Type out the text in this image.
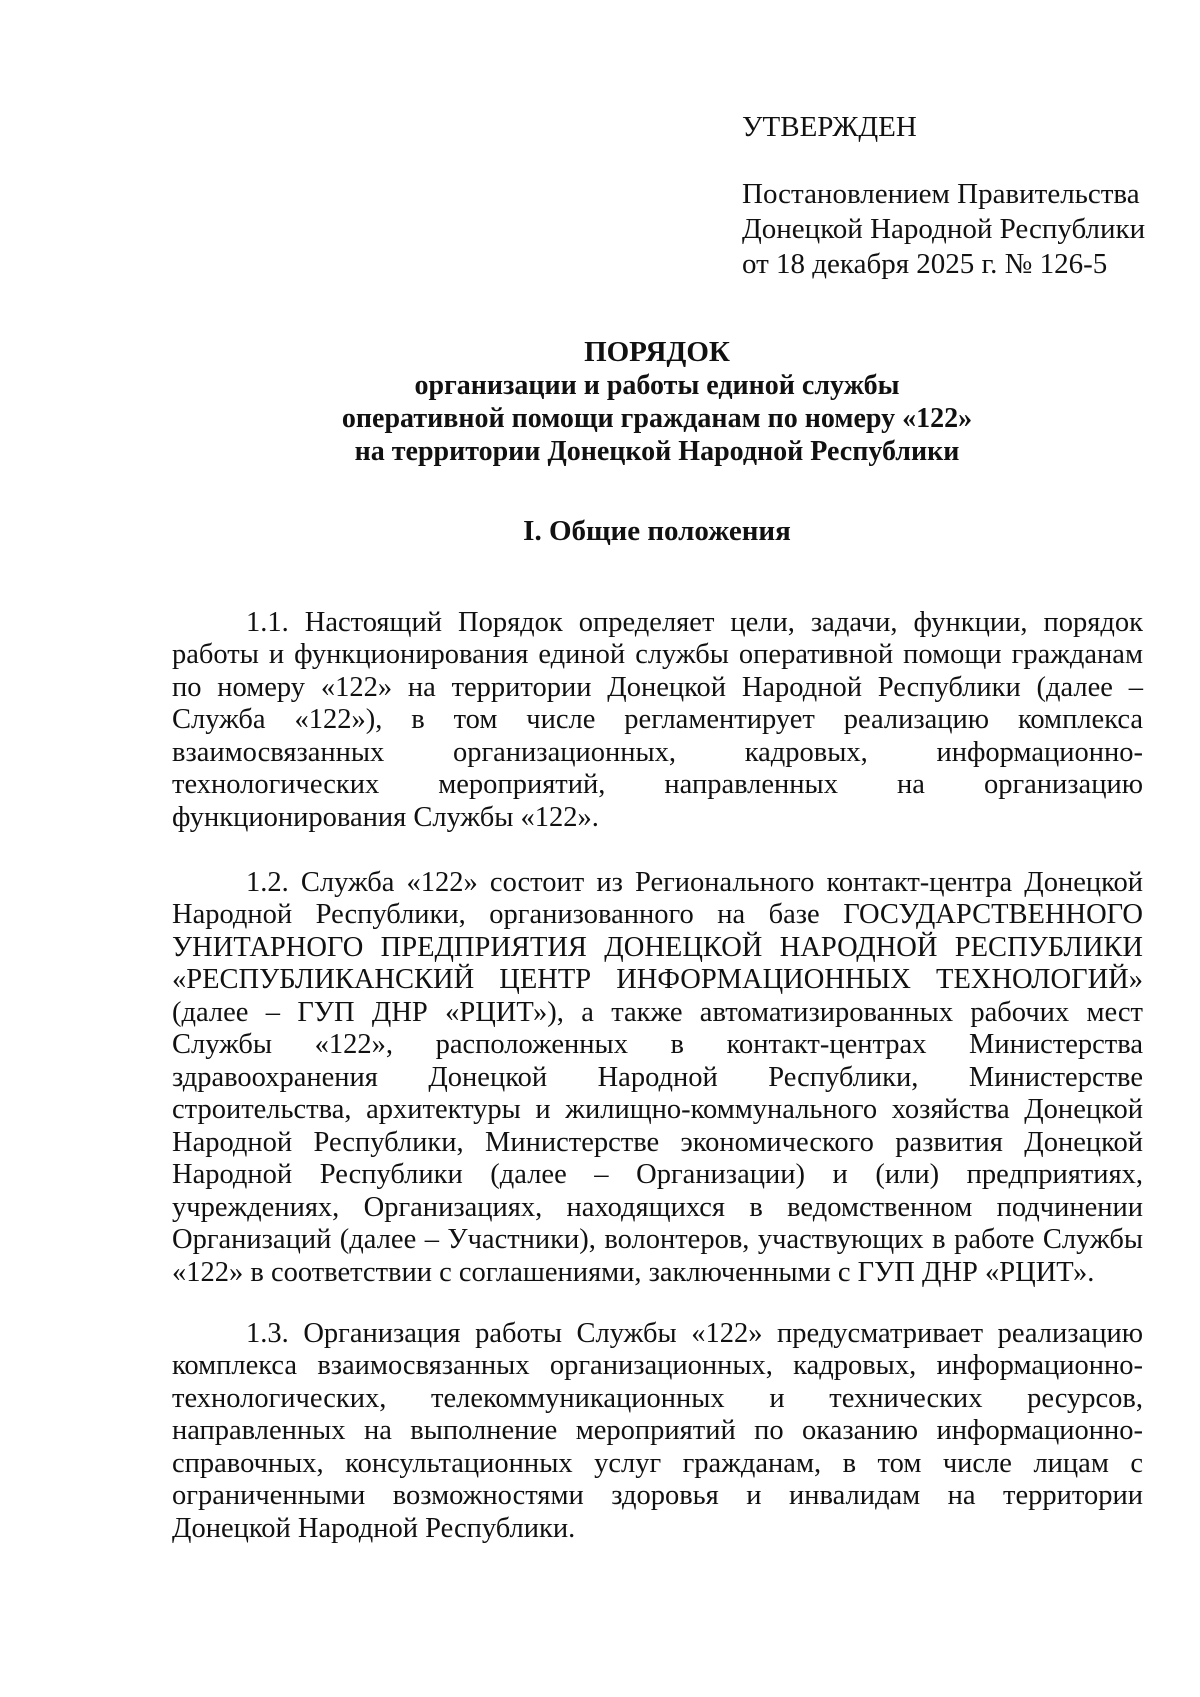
УТВЕРЖДЕН
Постановлением Правительства
Донецкой Народной Республики
от 18 декабря 2025 г. № 126-5
ПОРЯДОК
организации и работы единой службы
оперативной помощи гражданам по номеру «122»
на территории Донецкой Народной Республики
I. Общие положения

1.1. Настоящий Порядок определяет цели, задачи, функции, порядок работы и функционирования единой службы оперативной помощи гражданам по номеру «122» на территории Донецкой Народной Республики (далее – Служба «122»), в том числе регламентирует реализацию комплекса взаимосвязанных организационных, кадровых, информационно-технологических мероприятий, направленных на организацию функционирования Службы «122».

1.2. Служба «122» состоит из Регионального контакт-центра Донецкой Народной Республики, организованного на базе ГОСУДАРСТВЕННОГО УНИТАРНОГО ПРЕДПРИЯТИЯ ДОНЕЦКОЙ НАРОДНОЙ РЕСПУБЛИКИ «РЕСПУБЛИКАНСКИЙ ЦЕНТР ИНФОРМАЦИОННЫХ ТЕХНОЛОГИЙ» (далее – ГУП ДНР «РЦИТ»), а также автоматизированных рабочих мест Службы «122», расположенных в контакт-центрах Министерства здравоохранения Донецкой Народной Республики, Министерстве строительства, архитектуры и жилищно-коммунального хозяйства Донецкой Народной Республики, Министерстве экономического развития Донецкой Народной Республики (далее – Организации) и (или) предприятиях, учреждениях, Организациях, находящихся в ведомственном подчинении Организаций (далее – Участники), волонтеров, участвующих в работе Службы «122» в соответствии с соглашениями, заключенными с ГУП ДНР «РЦИТ».

1.3. Организация работы Службы «122» предусматривает реализацию комплекса взаимосвязанных организационных, кадровых, информационно-технологических, телекоммуникационных и технических ресурсов, направленных на выполнение мероприятий по оказанию информационно-справочных, консультационных услуг гражданам, в том числе лицам с ограниченными возможностями здоровья и инвалидам на территории Донецкой Народной Республики.
